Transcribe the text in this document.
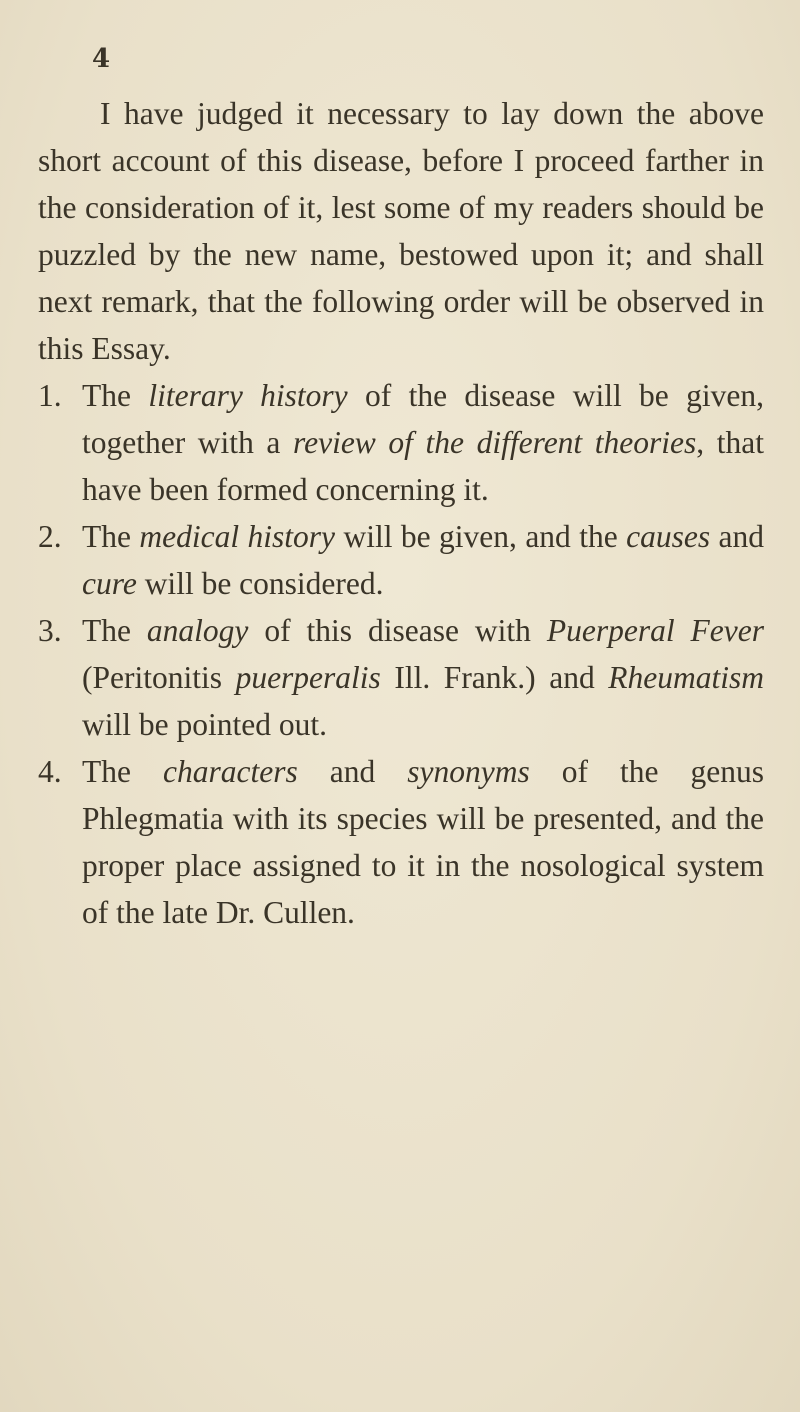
4

I have judged it necessary to lay down the above short account of this disease, before I proceed farther in the consideration of it, lest some of my readers should be puzzled by the new name, bestowed upon it; and shall next remark, that the following order will be observed in this Essay.

1. The literary history of the disease will be given, together with a review of the different theories, that have been formed concerning it.

2. The medical history will be given, and the causes and cure will be considered.

3. The analogy of this disease with Puerperal Fever (Peritonitis puerperalis Ill. Frank.) and Rheumatism will be pointed out.

4. The characters and synonyms of the genus Phlegmatia with its species will be presented, and the proper place assigned to it in the nosological system of the late Dr. Cullen.
